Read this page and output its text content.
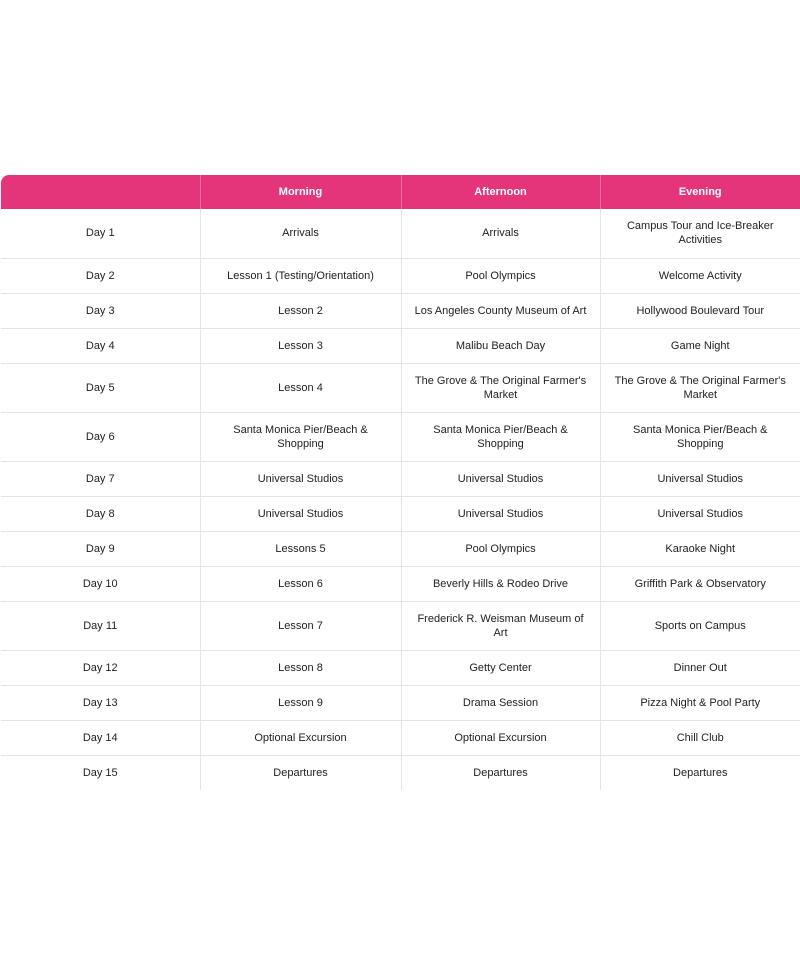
	Morning	Afternoon	Evening
Day 1	Arrivals	Arrivals	Campus Tour and Ice-Breaker Activities
Day 2	Lesson 1 (Testing/Orientation)	Pool Olympics	Welcome Activity
Day 3	Lesson 2	Los Angeles County Museum of Art	Hollywood Boulevard Tour
Day 4	Lesson 3	Malibu Beach Day	Game Night
Day 5	Lesson 4	The Grove & The Original Farmer's Market	The Grove & The Original Farmer's Market
Day 6	Santa Monica Pier/Beach & Shopping	Santa Monica Pier/Beach & Shopping	Santa Monica Pier/Beach & Shopping
Day 7	Universal Studios	Universal Studios	Universal Studios
Day 8	Universal Studios	Universal Studios	Universal Studios
Day 9	Lessons 5	Pool Olympics	Karaoke Night
Day 10	Lesson 6	Beverly Hills & Rodeo Drive	Griffith Park & Observatory
Day 11	Lesson 7	Frederick R. Weisman Museum of Art	Sports on Campus
Day 12	Lesson 8	Getty Center	Dinner Out
Day 13	Lesson 9	Drama Session	Pizza Night & Pool Party
Day 14	Optional Excursion	Optional Excursion	Chill Club
Day 15	Departures	Departures	Departures
